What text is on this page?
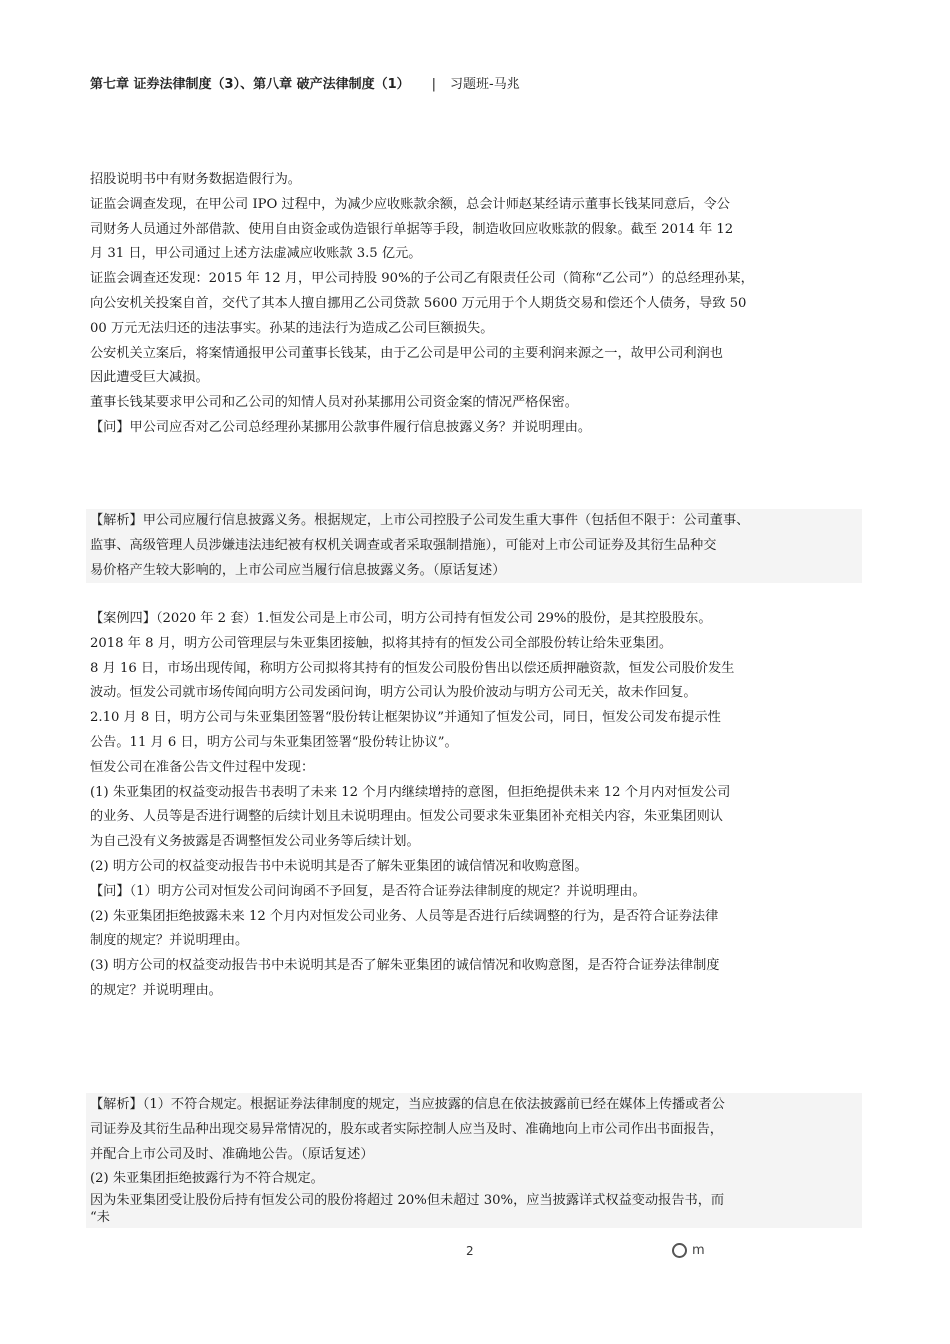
第七章 证券法律制度（3）、第八章 破产法律制度（1） | 习题班-马兆
招股说明书中有财务数据造假行为。
证监会调查发现，在甲公司 IPO 过程中，为减少应收账款余额，总会计师赵某经请示董事长钱某同意后，令公
司财务人员通过外部借款、使用自由资金或伪造银行单据等手段，制造收回应收账款的假象。截至 2014 年 12
月 31 日，甲公司通过上述方法虚减应收账款 3.5 亿元。
证监会调查还发现：2015 年 12 月，甲公司持股 90%的子公司乙有限责任公司（简称“乙公司”）的总经理孙某，
向公安机关投案自首，交代了其本人擅自挪用乙公司贷款 5600 万元用于个人期货交易和偿还个人债务，导致 50
00 万元无法归还的违法事实。孙某的违法行为造成乙公司巨额损失。
公安机关立案后，将案情通报甲公司董事长钱某，由于乙公司是甲公司的主要利润来源之一，故甲公司利润也
因此遭受巨大减损。
董事长钱某要求甲公司和乙公司的知情人员对孙某挪用公司资金案的情况严格保密。
【问】甲公司应否对乙公司总经理孙某挪用公款事件履行信息披露义务？并说明理由。
【解析】甲公司应履行信息披露义务。根据规定，上市公司控股子公司发生重大事件（包括但不限于：公司董事、
监事、高级管理人员涉嫌违法违纪被有权机关调查或者采取强制措施），可能对上市公司证券及其衍生品种交
易价格产生较大影响的，上市公司应当履行信息披露义务。（原话复述）
【案例四】（2020 年 2 套）1.恒发公司是上市公司，明方公司持有恒发公司 29%的股份，是其控股股东。
2018 年 8 月，明方公司管理层与朱亚集团接触，拟将其持有的恒发公司全部股份转让给朱亚集团。
8 月 16 日，市场出现传闻，称明方公司拟将其持有的恒发公司股份售出以偿还质押融资款，恒发公司股价发生
波动。恒发公司就市场传闻向明方公司发函问询，明方公司认为股价波动与明方公司无关，故未作回复。
2.10 月 8 日，明方公司与朱亚集团签署“股份转让框架协议”并通知了恒发公司，同日，恒发公司发布提示性
公告。11 月 6 日，明方公司与朱亚集团签署“股份转让协议”。
恒发公司在准备公告文件过程中发现：
(1) 朱亚集团的权益变动报告书表明了未来 12 个月内继续增持的意图，但拒绝提供未来 12 个月内对恒发公司
的业务、人员等是否进行调整的后续计划且未说明理由。恒发公司要求朱亚集团补充相关内容，朱亚集团则认
为自己没有义务披露是否调整恒发公司业务等后续计划。
(2) 明方公司的权益变动报告书中未说明其是否了解朱亚集团的诚信情况和收购意图。
【问】（1）明方公司对恒发公司问询函不予回复，是否符合证券法律制度的规定？并说明理由。
(2) 朱亚集团拒绝披露未来 12 个月内对恒发公司业务、人员等是否进行后续调整的行为，是否符合证券法律
制度的规定？并说明理由。
(3) 明方公司的权益变动报告书中未说明其是否了解朱亚集团的诚信情况和收购意图，是否符合证券法律制度
的规定？并说明理由。
【解析】（1）不符合规定。根据证券法律制度的规定，当应披露的信息在依法披露前已经在媒体上传播或者公
司证券及其衍生品种出现交易异常情况的，股东或者实际控制人应当及时、准确地向上市公司作出书面报告，
并配合上市公司及时、准确地公告。（原话复述）
(2) 朱亚集团拒绝披露行为不符合规定。
因为朱亚集团受让股份后持有恒发公司的股份将超过 20%但未超过 30%，应当披露详式权益变动报告书，而
“未
2	m
